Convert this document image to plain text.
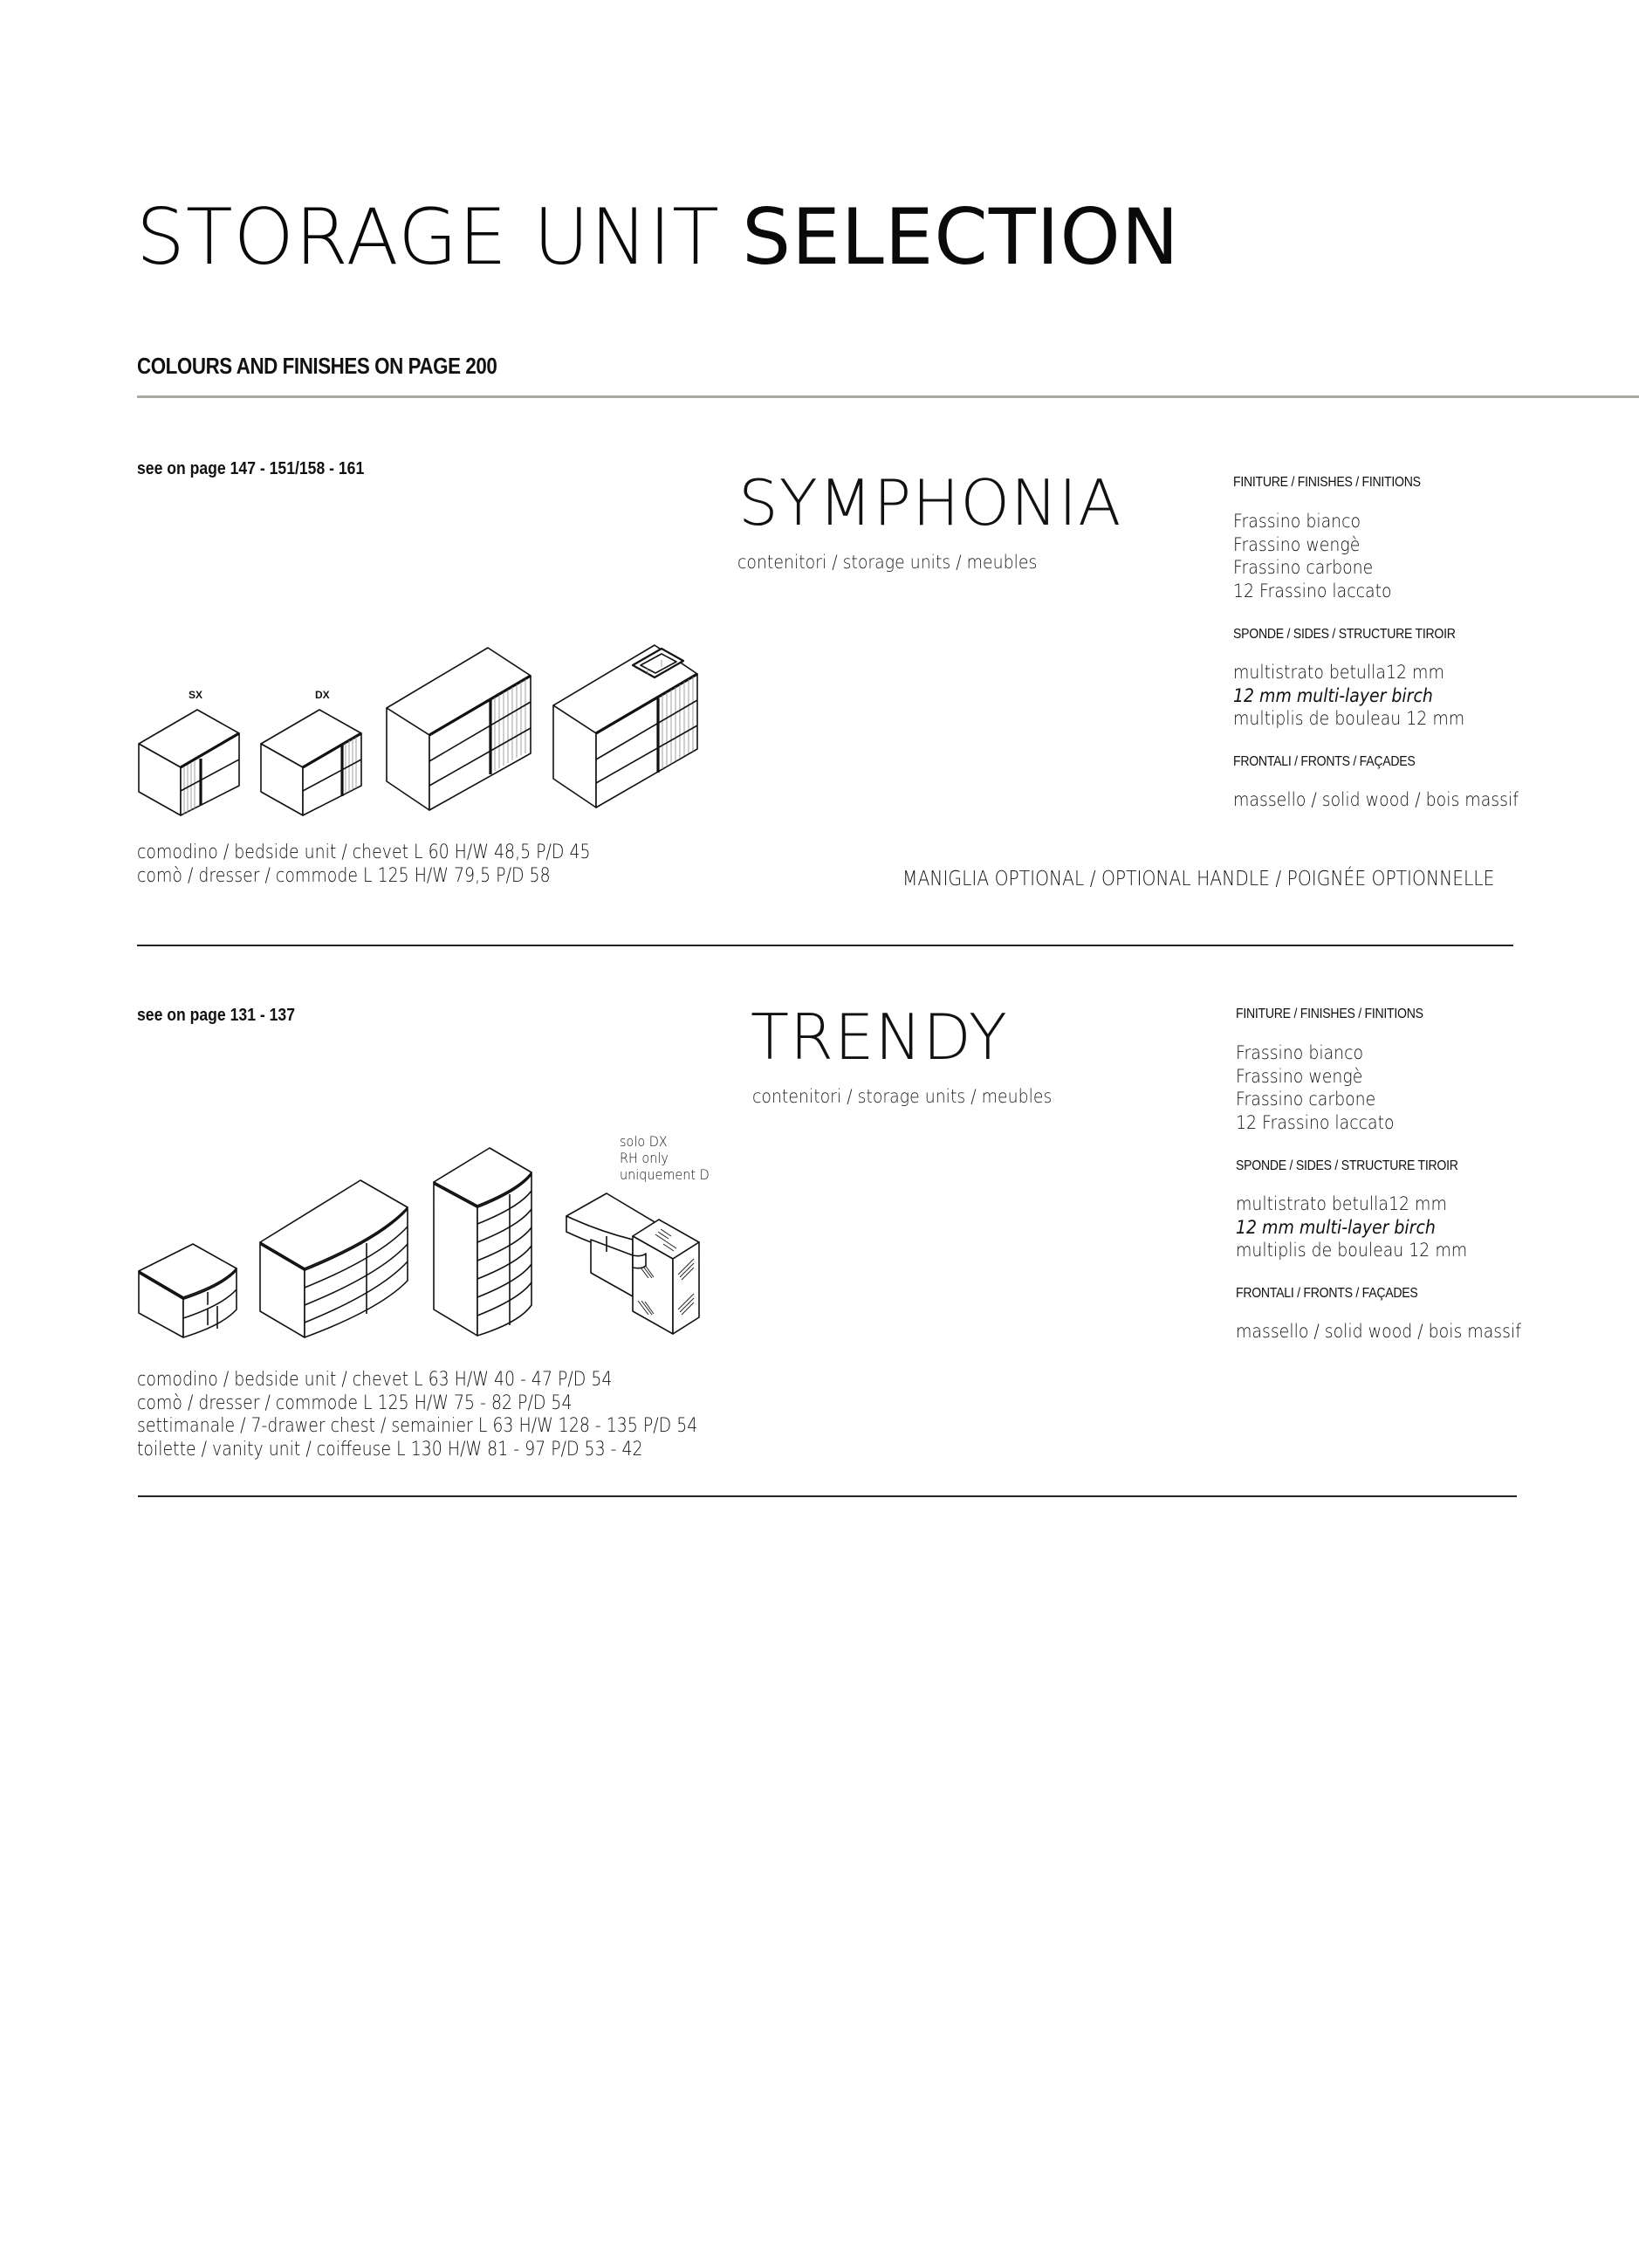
STORAGE UNIT SELECTION
COLOURS AND FINISHES ON PAGE 200
see on page 147 - 151/158 - 161	SYMPHONIA
contenitori / storage units / meubles
FINITURE / FINISHES / FINITIONS
Frassino bianco
Frassino wengè
Frassino carbone
12 Frassino laccato
SPONDE / SIDES / STRUCTURE TIROIR
multistrato betulla12 mm
12 mm multi-layer birch
multiplis de bouleau 12 mm
FRONTALI / FRONTS / FAÇADES
massello / solid wood / bois massif
SX	DX
comodino / bedside unit / chevet L 60 H/W 48,5 P/D 45
comò / dresser / commode L 125 H/W 79,5 P/D 58	MANIGLIA OPTIONAL / OPTIONAL HANDLE / POIGNÉE OPTIONNELLE
see on page 131 - 137	TRENDY
contenitori / storage units / meubles
FINITURE / FINISHES / FINITIONS
Frassino bianco
Frassino wengè
Frassino carbone
12 Frassino laccato
SPONDE / SIDES / STRUCTURE TIROIR
multistrato betulla12 mm
12 mm multi-layer birch
multiplis de bouleau 12 mm
FRONTALI / FRONTS / FAÇADES
massello / solid wood / bois massif
solo DX
RH only
uniquement D
comodino / bedside unit / chevet L 63 H/W 40 - 47 P/D 54
comò / dresser / commode L 125 H/W 75 - 82 P/D 54
settimanale / 7-drawer chest / semainier L 63 H/W 128 - 135 P/D 54
toilette / vanity unit / coiffeuse L 130 H/W 81 - 97 P/D 53 - 42
